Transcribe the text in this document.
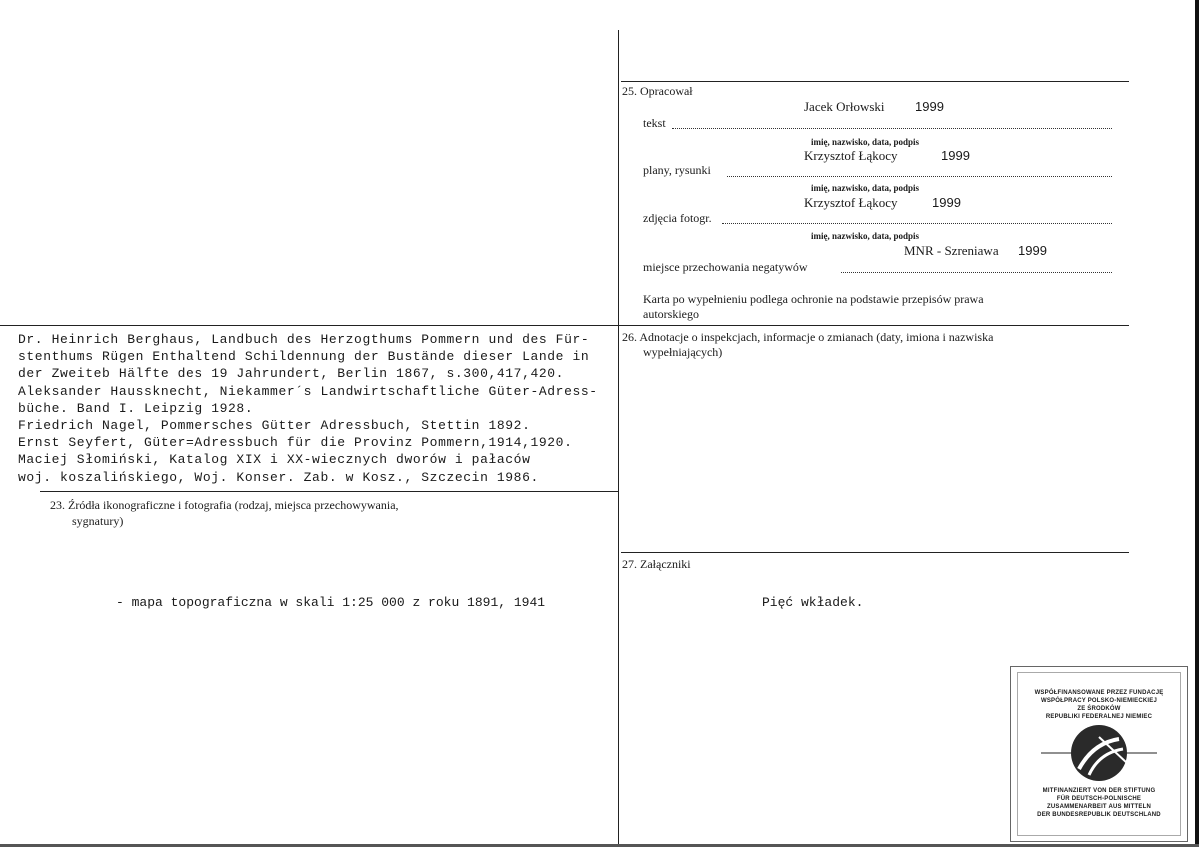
25. Opracował
Jacek Orłowski 1999
tekst
imię, nazwisko, data, podpis
Krzysztof Łąkocy	1999
plany, rysunki
imię, nazwisko, data, podpis
Krzysztof Łąkocy	1999
zdjęcia fotogr.
imię, nazwisko, data, podpis
MNR - Szreniawa 1999
miejsce przechowania negatywów
Karta po wypełnieniu podlega ochronie na podstawie przepisów prawa
autorskiego
Dr. Heinrich Berghaus, Landbuch des Herzogthums Pommern und des Für-
stenthums Rügen Enthaltend Schildennung der Bustände dieser Lande in
der Zweiteb Hälfte des 19 Jahrundert, Berlin 1867, s.300,417,420.
Aleksander Haussknecht, Niekammer´s Landwirtschaftliche Güter-Adress-
büche. Band I. Leipzig 1928.
Friedrich Nagel, Pommersches Gütter Adressbuch, Stettin 1892.
Ernst Seyfert, Güter=Adressbuch für die Provinz Pommern,1914,1920.
Maciej Słomiński, Katalog XIX i XX-wiecznych dworów i pałaców
woj. koszalińskiego, Woj. Konser. Zab. w Kosz., Szczecin 1986.
23. Źródła ikonograficzne i fotografia (rodzaj, miejsca przechowywania,
sygnatury)
- mapa topograficzna w skali 1:25 000 z roku 1891, 1941
26. Adnotacje o inspekcjach, informacje o zmianach (daty, imiona i nazwiska
wypełniających)
27. Załączniki
Pięć wkładek.
WSPÓŁFINANSOWANE PRZEZ FUNDACJĘ
WSPÓŁPRACY POLSKO-NIEMIECKIEJ
ZE ŚRODKÓW
REPUBLIKI FEDERALNEJ NIEMIEC
MITFINANZIERT VON DER STIFTUNG
FÜR DEUTSCH-POLNISCHE
ZUSAMMENARBEIT AUS MITTELN
DER BUNDESREPUBLIK DEUTSCHLAND
